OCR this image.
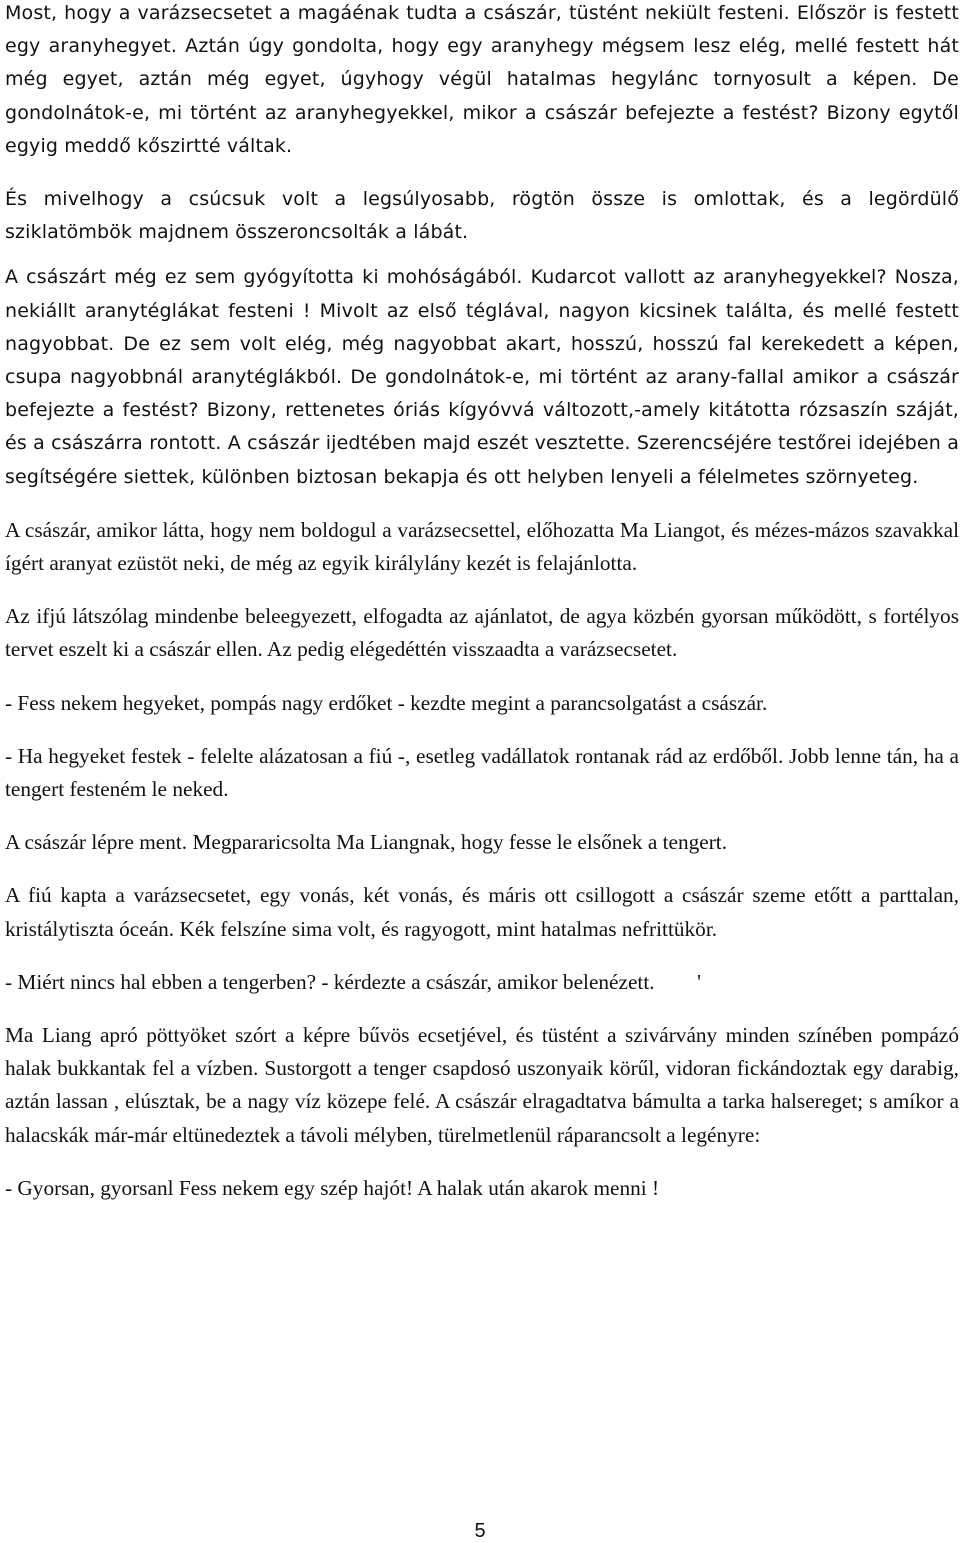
Most, hogy a varázsecsetet a magáénak tudta a császár, tüstént nekiült festeni. Először is festett egy aranyhegyet. Aztán úgy gondolta, hogy egy aranyhegy mégsem lesz elég, mellé festett hát még egyet, aztán még egyet, úgyhogy végül hatalmas hegylánc tornyosult a képen. De gondolnátok-e, mi történt az aranyhegyekkel, mikor a császár befejezte a festést? Bizony egytől egyig meddő kőszirtté váltak.

És mivelhogy a csúcsuk volt a legsúlyosabb, rögtön össze is omlottak, és a legördülő sziklatömbök majdnem összeroncsolták a lábát.

A császárt még ez sem gyógyította ki mohóságából. Kudarcot vallott az aranyhegyekkel? Nosza, nekiállt aranytéglákat festeni ! Mivolt az első téglával, nagyon kicsinek találta, és mellé festett nagyobbat. De ez sem volt elég, még nagyobbat akart, hosszú, hosszú fal kerekedett a képen, csupa nagyobbnál aranytéglákból. De gondolnátok-e, mi történt az arany-fallal amikor a császár befejezte a festést? Bizony, rettenetes óriás kígyóvvá változott,-amely kitátotta rózsaszín száját, és a császárra rontott. A császár ijedtében majd eszét vesztette. Szerencséjére testőrei idejében a segítségére siettek, különben biztosan bekapja és ott helyben lenyeli a félelmetes szörnyeteg.

A császár, amikor látta, hogy nem boldogul a varázsecsettel, előhozatta Ma Liangot, és mézes-mázos szavakkal ígért aranyat ezüstöt neki, de még az egyik királylány kezét is felajánlotta.

Az ifjú látszólag mindenbe beleegyezett, elfogadta az ajánlatot, de agya közbén gyorsan működött, s fortélyos tervet eszelt ki a császár ellen. Az pedig elégedéttén visszaadta a varázsecsetet.

- Fess nekem hegyeket, pompás nagy erdőket - kezdte megint a parancsolgatást a császár.

- Ha hegyeket festek - felelte alázatosan a fiú -, esetleg vadállatok rontanak rád az erdőből. Jobb lenne tán, ha a tengert festeném le neked.

A császár lépre ment. Megpararicsolta Ma Liangnak, hogy fesse le elsőnek a tengert.

A fiú kapta a varázsecsetet, egy vonás, két vonás, és máris ott csillogott a császár szeme etőtt a parttalan, kristálytiszta óceán. Kék felszíne sima volt, és ragyogott, mint hatalmas nefrittükör.

- Miért nincs hal ebben a tengerben? - kérdezte a császár, amikor belenézett.        '

Ma Liang apró pöttyöket szórt a képre bűvös ecsetjével, és tüstént a szivárvány minden színében pompázó halak bukkantak fel a vízben. Sustorgott a tenger csapdosó uszonyaik körűl, vidoran fickándoztak egy darabig, aztán lassan , elúsztak, be a nagy víz közepe felé. A császár elragadtatva bámulta a tarka halsereget; s amíkor a halacskák már-már eltünedeztek a távoli mélyben, türelmetlenül ráparancsolt a legényre:

- Gyorsan, gyorsanl Fess nekem egy szép hajót! A halak után akarok menni !

5
